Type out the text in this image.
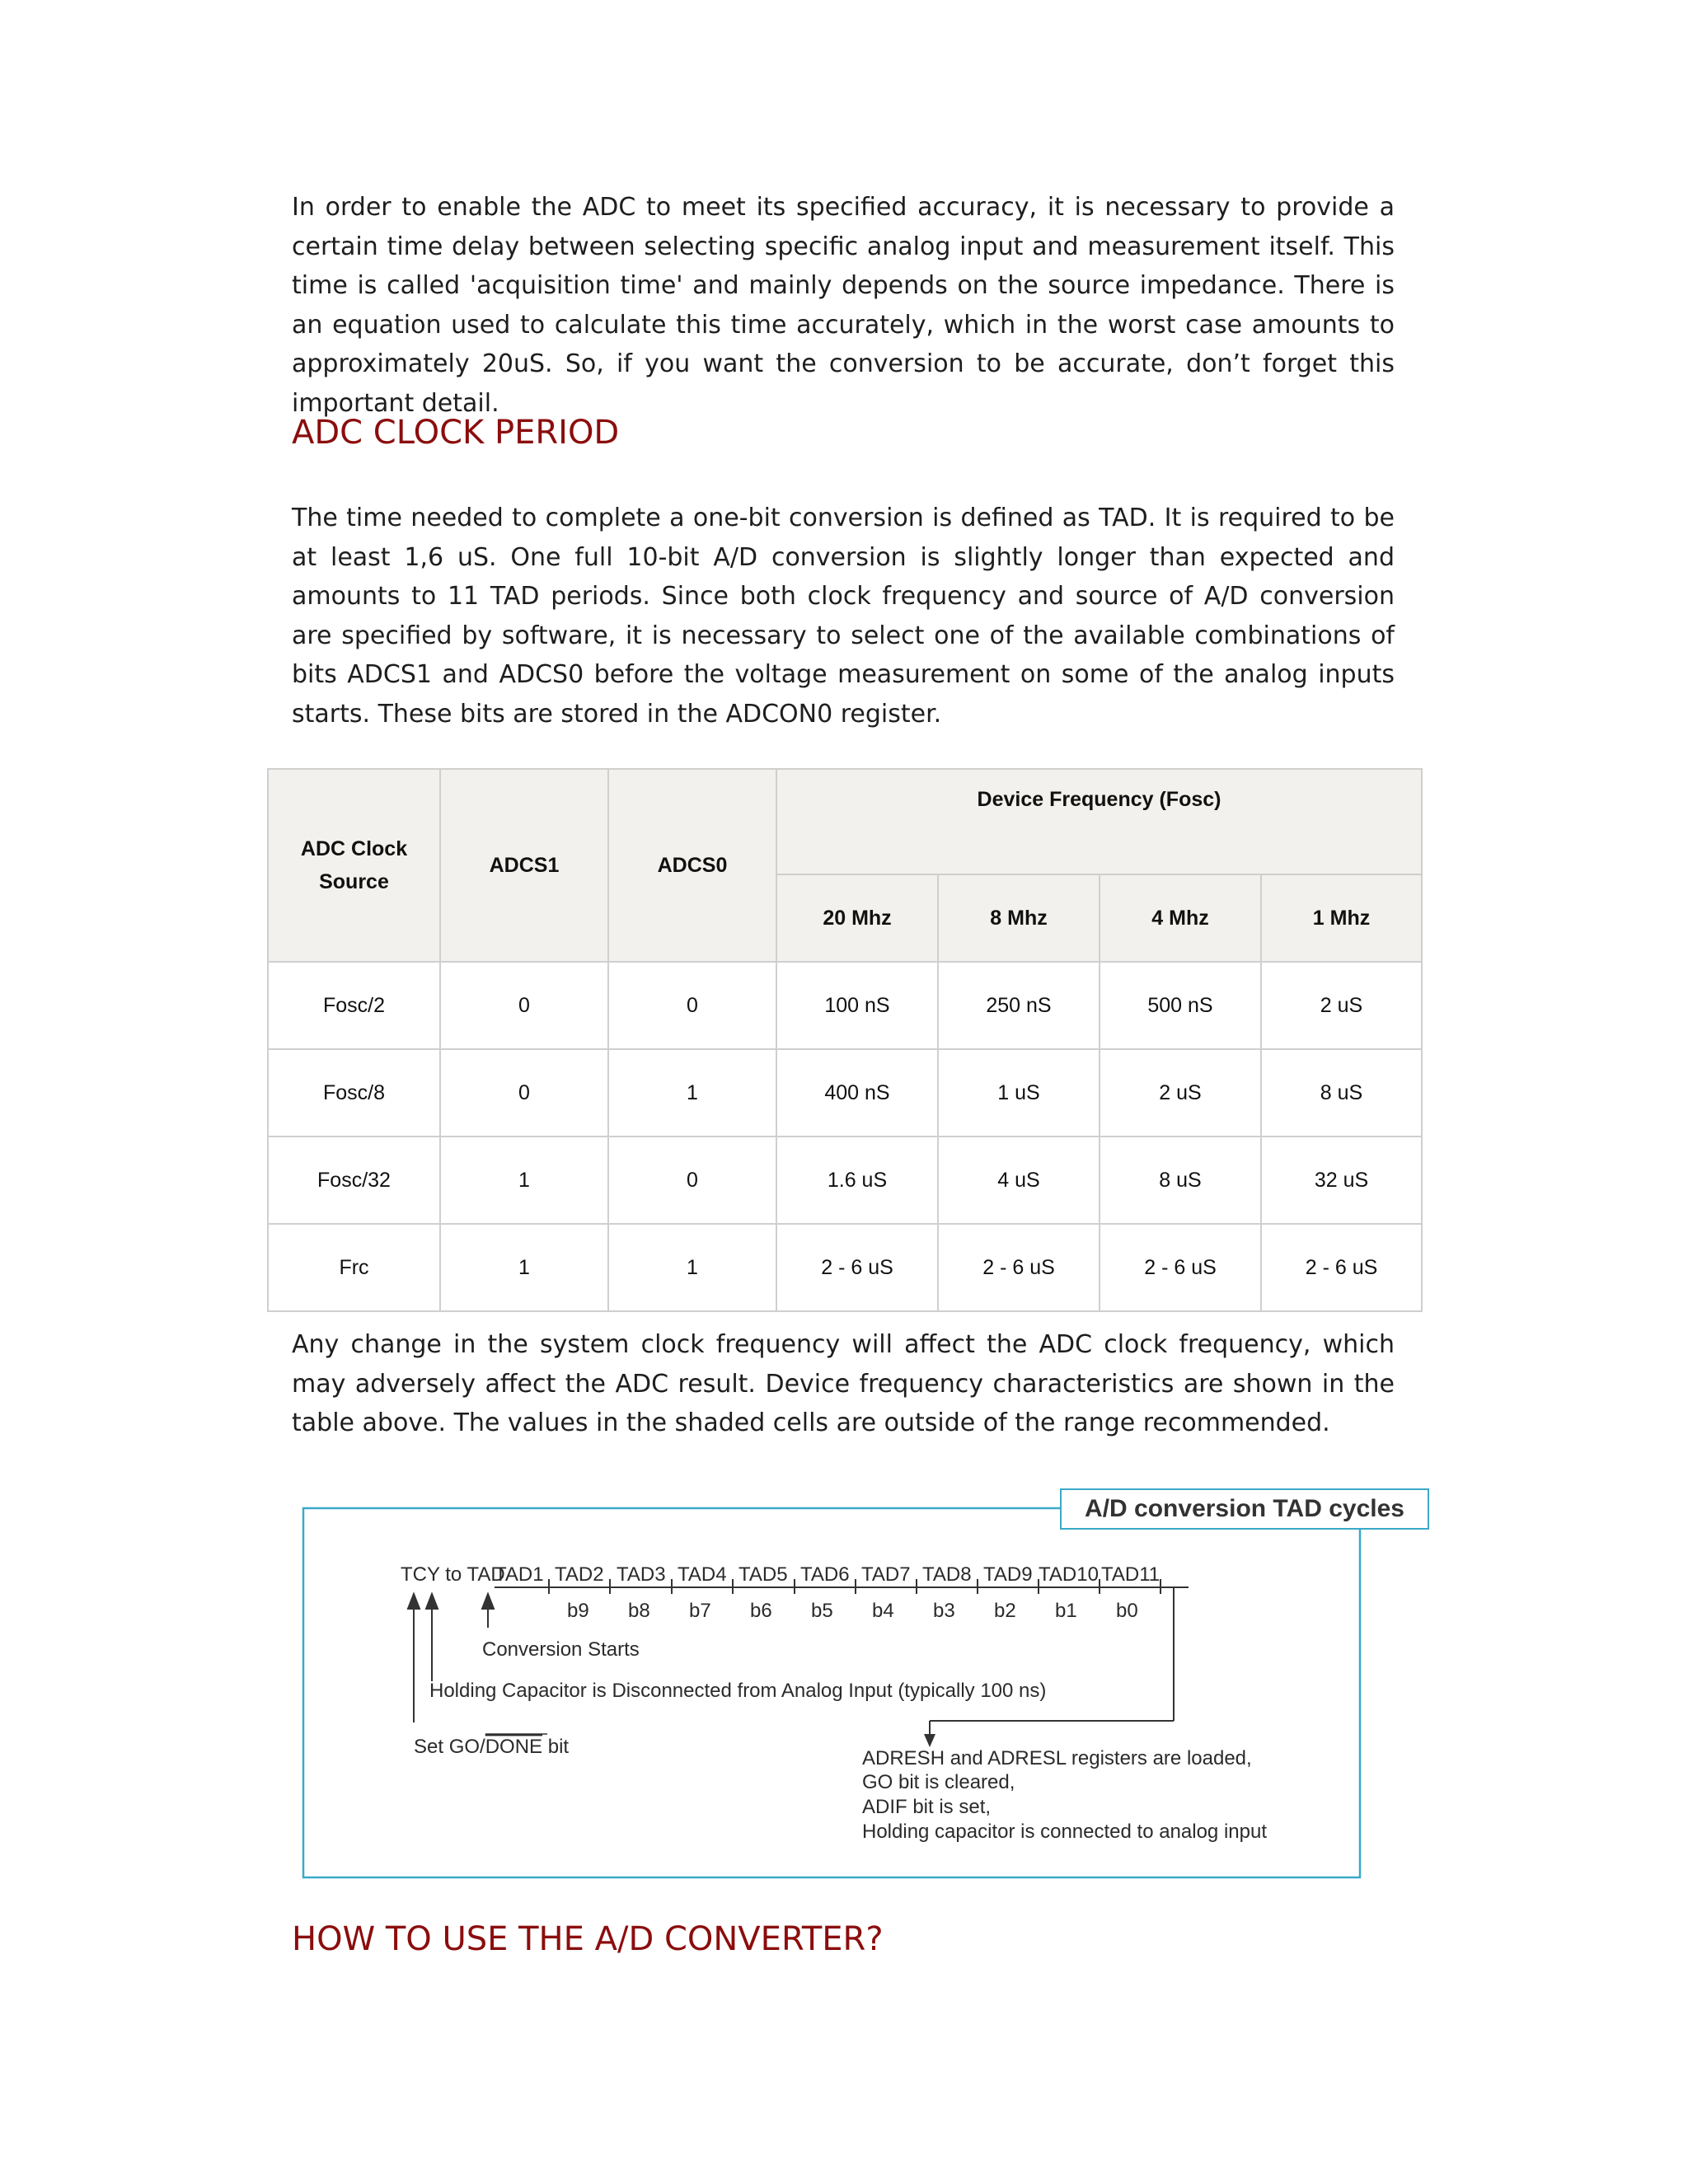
In order to enable the ADC to meet its specified accuracy, it is necessary to provide a certain time delay between selecting specific analog input and measurement itself. This time is called 'acquisition time' and mainly depends on the source impedance. There is an equation used to calculate this time accurately, which in the worst case amounts to approximately 20uS. So, if you want the conversion to be accurate, don’t forget this important detail.

ADC CLOCK PERIOD

The time needed to complete a one-bit conversion is defined as TAD. It is required to be at least 1,6 uS. One full 10-bit A/D conversion is slightly longer than expected and amounts to 11 TAD periods. Since both clock frequency and source of A/D conversion are specified by software, it is necessary to select one of the available combinations of bits ADCS1 and ADCS0 before the voltage measurement on some of the analog inputs starts. These bits are stored in the ADCON0 register.

ADC Clock
Source	ADCS1	ADCS0	Device Frequency (Fosc)			
			20 Mhz	8 Mhz	4 Mhz	1 Mhz
Fosc/2	0	0	100 nS	250 nS	500 nS	2 uS
Fosc/8	0	1	400 nS	1 uS	2 uS	8 uS
Fosc/32	1	0	1.6 uS	4 uS	8 uS	32 uS
Frc	1	1	2 - 6 uS	2 - 6 uS	2 - 6 uS	2 - 6 uS

Any change in the system clock frequency will affect the ADC clock frequency, which may adversely affect the ADC result. Device frequency characteristics are shown in the table above. The values in the shaded cells are outside of the range recommended.

TCY to TAD
TAD1 TAD2 TAD3 TAD4 TAD5 TAD6 TAD7 TAD8 TAD9 TAD10 TAD11
b9 b8 b7 b6 b5 b4 b3 b2 b1 b0
Conversion Starts
Holding Capacitor is Disconnected from Analog Input (typically 100 ns)
Set GO/DONE bit
ADRESH and ADRESL registers are loaded,
GO bit is cleared,
ADIF bit is set,
Holding capacitor is connected to analog input
A/D conversion TAD cycles
HOW TO USE THE A/D CONVERTER?
